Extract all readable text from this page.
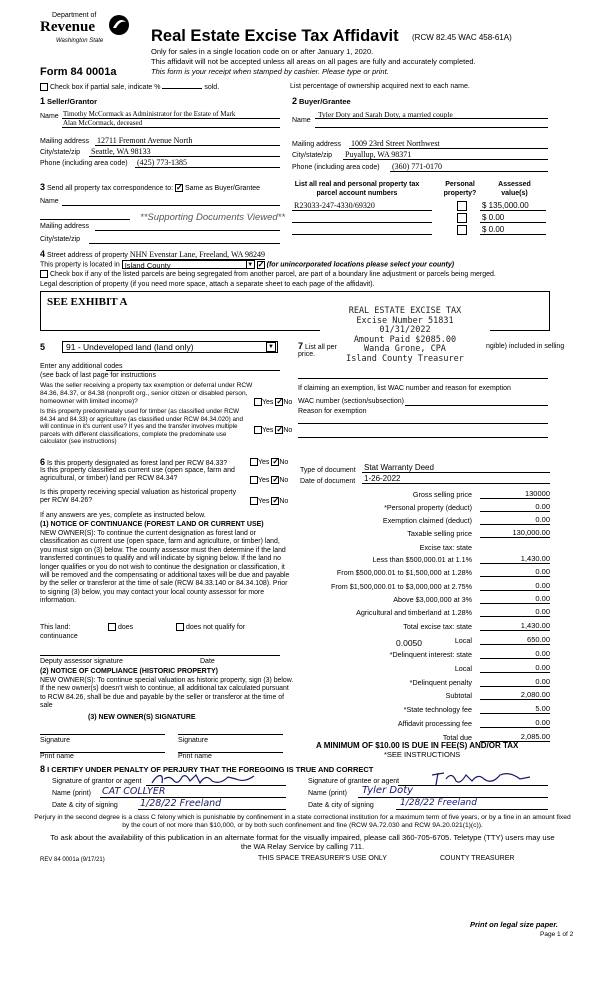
Department of
Revenue
Washington State
Form 84 0001a
Real Estate Excise Tax Affidavit (RCW 82.45 WAC 458-61A)
Only for sales in a single location code on or after January 1, 2020.
This affidavit will not be accepted unless all areas on all pages are fully and accurately completed.
This form is your receipt when stamped by cashier. Please type or print.
Check box if partial sale, indicate %	sold.	List percentage of ownership acquired next to each name.
1 Seller/Grantor
Name Timothy McCormack as Administrator for the Estate of Mark
Alan McCormack, deceased
Mailing address 12711 Fremont Avenue North
City/state/zip Seattle, WA 98133
Phone (including area code) (425) 773-1385
2 Buyer/Grantee
Name
Tyler Doty and Sarah Doty, a married couple
Mailing address 1009 23rd Street Northwest
City/state/zip Puyallup, WA 98371
Phone (including area code) (360) 771-0170
3 Send all property tax correspondence to: ✓ Same as Buyer/Grantee
Name
**Supporting Documents Viewed**
Mailing address
City/state/zip
List all real and personal property tax parcel account numbers
Personal property?
Assessed value(s)
R23033-247-4330/69320	$ 135,000.00
$ 0.00
$ 0.00
4 Street address of property NHN Evenstar Lane, Freeland, WA 98249
This property is located in Island County	▼ ✓ (for unincorporated locations please select your county)
Check box if any of the listed parcels are being segregated from another parcel, are part of a boundary line adjustment or parcels being merged.
Legal description of property (if you need more space, attach a separate sheet to each page of the affidavit).
SEE EXHIBIT A
REAL ESTATE EXCISE TAX
Excise Number 51831
01/31/2022
Amount Paid $2085.00
Wanda Grone, CPA
Island County Treasurer
5	91 - Undeveloped land (land only)	▼
Enter any additional codes
(see back of last page for instructions
Was the seller receiving a property tax exemption or deferral under RCW 84.36, 84.37, or 84.38 (nonprofit org., senior citizen or disabled person, homeowner with limited income)?	Yes ✓No
Is this property predominately used for timber (as classified under RCW 84.34 and 84.33) or agriculture (as classified under RCW 84.34.020) and will continue in it's current use? If yes and the transfer involves multiple parcels with different classifications, complete the predominate use calculator (see instructions)
Yes ✓No
7 List all per	ngible) included in selling
price.
If claiming an exemption, list WAC number and reason for exemption
WAC number (section/subsection)
Reason for exemption
6 Is this property designated as forest land per RCW 84.33?	Yes ✓No
Is this property classified as current use (open space, farm and agricultural, or timber) land per RCW 84.34?	Yes ✓No
Is this property receiving special valuation as historical property per RCW 84.26?	Yes ✓No
If any answers are yes, complete as instructed below.
(1) NOTICE OF CONTINUANCE (FOREST LAND OR CURRENT USE)
NEW OWNER(S): To continue the current designation as forest land or classification as current use (open space, farm and agriculture, or timber) land, you must sign on (3) below. The county assessor must then determine if the land transferred continues to qualify and will indicate by signing below. If the land no longer qualifies or you do not wish to continue the designation or classification, it will be removed and the compensating or additional taxes will be due and payable by the seller or transferor at the time of sale (RCW 84.33.140 or 84.34.108). Prior to signing (3) below, you may contact your local county assessor for more information.
This land:
continuance
does	does not qualify for
Deputy assessor signature	Date
(2) NOTICE OF COMPLIANCE (HISTORIC PROPERTY)
NEW OWNER(S): To continue special valuation as historic property, sign (3) below. If the new owner(s) doesn't wish to continue, all additional tax calculated pursuant to RCW 84.26, shall be due and payable by the seller or transferor at the time of sale
(3) NEW OWNER(S) SIGNATURE
Signature	Signature
Print name	Print name
Type of document Stat Warranty Deed
Date of document 1-26-2022
Gross selling price	130000
*Personal property (deduct)	0.00
Exemption claimed (deduct)	0.00
Taxable selling price	130,000.00
Excise tax: state
Less than $500,000.01 at 1.1%	1,430.00
From $500,000.01 to $1,500,000 at 1.28%	0.00
From $1,500,000.01 to $3,000,000 at 2.75%	0.00
Above $3,000,000 at 3%	0.00
Agricultural and timberland at 1.28%	0.00
Total excise tax: state	1,430.00
Local	650.00
*Delinquent interest: state	0.00
Local	0.00
*Delinquent penalty	0.00
Subtotal	2,080.00
*State technology fee	5.00
Affidavit processing fee	0.00
Total due	2,085.00
0.0050
A MINIMUM OF $10.00 IS DUE IN FEE(S) AND/OR TAX
*SEE INSTRUCTIONS
8 I CERTIFY UNDER PENALTY OF PERJURY THAT THE FOREGOING IS TRUE AND CORRECT
Signature of grantor or agent
Name (print) CAT COLLYER
Date & city of signing 1/28/22 Freeland
Signature of grantee or agent
Name (print) Tyler Doty
Date & city of signing	1/28/22 Freeland
Perjury in the second degree is a class C felony which is punishable by confinement in a state correctional institution for a maximum term of five years, or by a fine in an amount fixed by the court of not more than $10,000, or by both such confinement and fine (RCW 9A.72.030 and RCW 9A.20.021(1)(c)).
To ask about the availability of this publication in an alternate format for the visually impaired, please call 360-705-6705. Teletype (TTY) users may use the WA Relay Service by calling 711.
REV 84 0001a (9/17/21)	THIS SPACE TREASURER'S USE ONLY	COUNTY TREASURER
Print on legal size paper.
Page 1 of 2
